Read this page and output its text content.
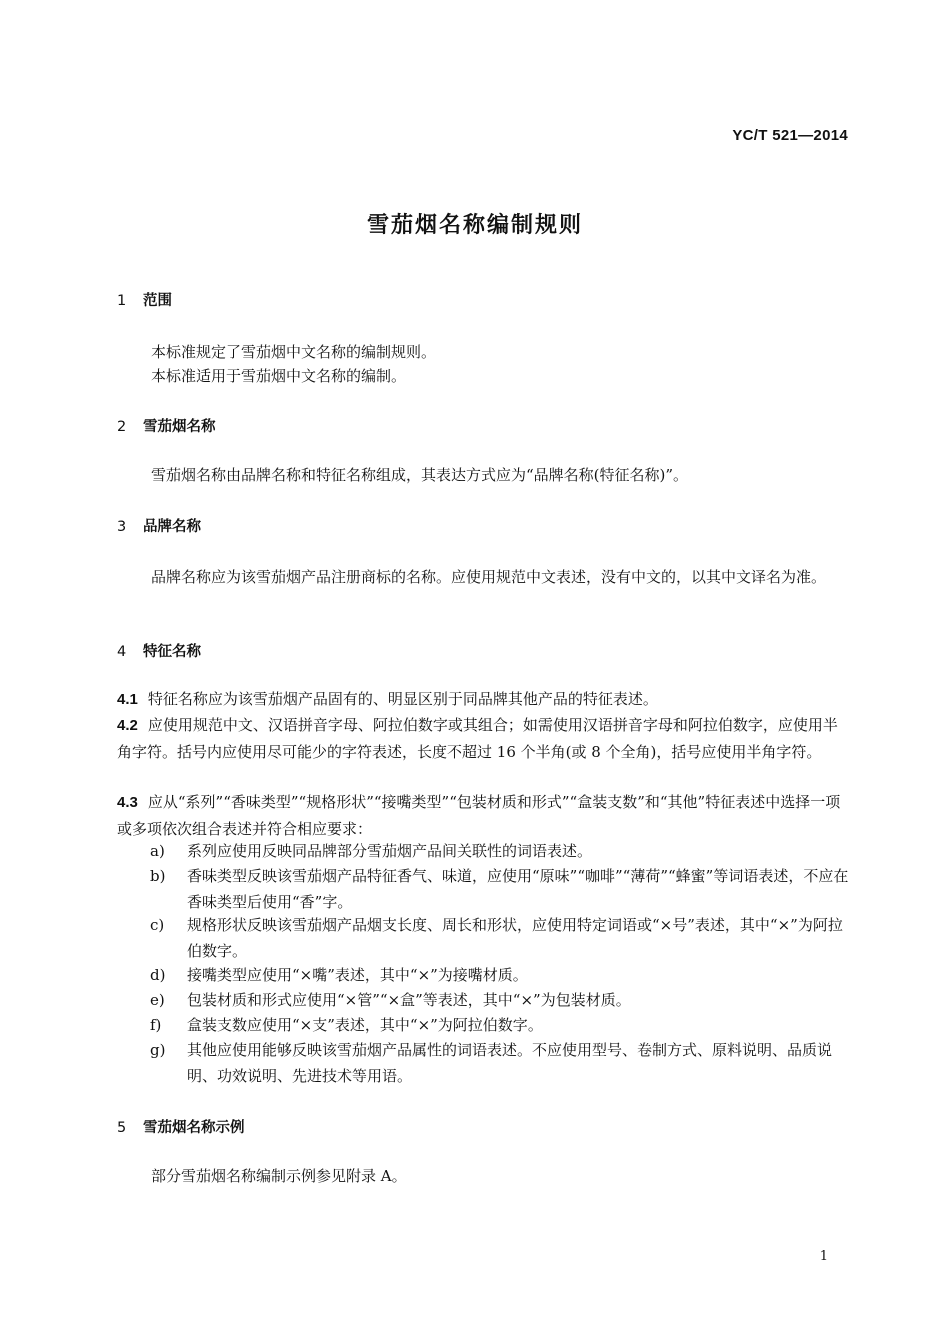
YC/T 521—2014
雪茄烟名称编制规则
1 范围
本标准规定了雪茄烟中文名称的编制规则。
本标准适用于雪茄烟中文名称的编制。
2 雪茄烟名称
雪茄烟名称由品牌名称和特征名称组成，其表达方式应为“品牌名称(特征名称)”。
3 品牌名称
品牌名称应为该雪茄烟产品注册商标的名称。应使用规范中文表述，没有中文的，以其中文译名为准。
4 特征名称
4.1 特征名称应为该雪茄烟产品固有的、明显区别于同品牌其他产品的特征表述。
4.2 应使用规范中文、汉语拼音字母、阿拉伯数字或其组合；如需使用汉语拼音字母和阿拉伯数字，应使用半角字符。括号内应使用尽可能少的字符表述，长度不超过 16 个半角(或 8 个全角)，括号应使用半角字符。
4.3 应从“系列”“香味类型”“规格形状”“接嘴类型”“包装材质和形式”“盒装支数”和“其他”特征表述中选择一项或多项依次组合表述并符合相应要求：
a)	系列应使用反映同品牌部分雪茄烟产品间关联性的词语表述。
b)	香味类型反映该雪茄烟产品特征香气、味道，应使用“原味”“咖啡”“薄荷”“蜂蜜”等词语表述，不应在香味类型后使用“香”字。
c)	规格形状反映该雪茄烟产品烟支长度、周长和形状，应使用特定词语或“×号”表述，其中“×”为阿拉伯数字。
d)	接嘴类型应使用“×嘴”表述，其中“×”为接嘴材质。
e)	包装材质和形式应使用“×管”“×盒”等表述，其中“×”为包装材质。
f)	盒装支数应使用“×支”表述，其中“×”为阿拉伯数字。
g)	其他应使用能够反映该雪茄烟产品属性的词语表述。不应使用型号、卷制方式、原料说明、品质说明、功效说明、先进技术等用语。
5 雪茄烟名称示例
部分雪茄烟名称编制示例参见附录 A。
1
